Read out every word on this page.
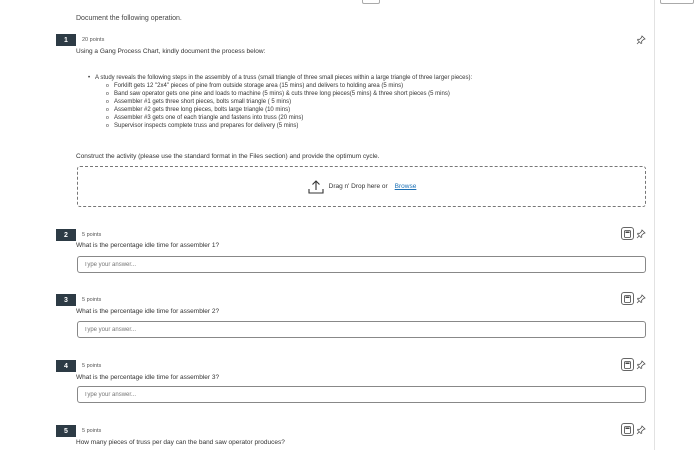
Document the following operation.
1	20 points
Using a Gang Process Chart, kindly document the process below:
• A study reveals the following steps in the assembly of a truss (small triangle of three small pieces within a large triangle of three larger pieces):
o Forklift gets 12 "2x4" pieces of pine from outside storage area (15 mins) and delivers to holding area (5 mins)
o Band saw operator gets one pine and loads to machine (5 mins) & cuts three long pieces(5 mins) & three short pieces (5 mins)
o Assembler #1 gets three short pieces, bolts small triangle ( 5 mins)
o Assembler #2 gets three long pieces, bolts large triangle (10 mins)
o Assembler #3 gets one of each triangle and fastens into truss (20 mins)
o Supervisor inspects complete truss and prepares for delivery (5 mins)
Construct the activity (please use the standard format in the Files section) and provide the optimum cycle.
Drag n' Drop here or Browse
2	5 points
What is the percentage idle time for assembler 1?
Type your answer...
3	5 points
What is the percentage idle time for assembler 2?
Type your answer...
4	5 points
What is the percentage idle time for assembler 3?
Type your answer...
5	5 points
How many pieces of truss per day can the band saw operator produces?
